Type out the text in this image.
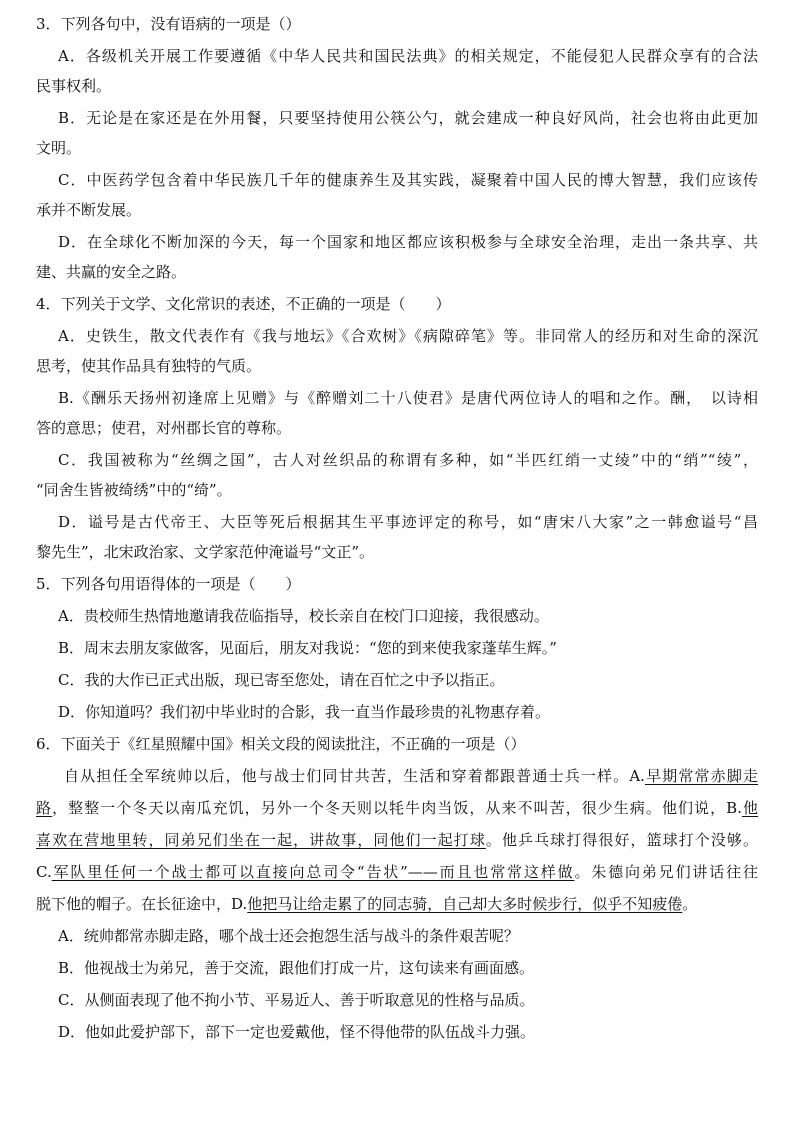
3．下列各句中，没有语病的一项是（）
A．各级机关开展工作要遵循《中华人民共和国民法典》的相关规定，不能侵犯人民群众享有的合法
民事权利。
B．无论是在家还是在外用餐，只要坚持使用公筷公勺，就会建成一种良好风尚，社会也将由此更加
文明。
C．中医药学包含着中华民族几千年的健康养生及其实践，凝聚着中国人民的博大智慧，我们应该传
承并不断发展。
D．在全球化不断加深的今天，每一个国家和地区都应该积极参与全球安全治理，走出一条共享、共
建、共赢的安全之路。
4．下列关于文学、文化常识的表述，不正确的一项是（　　）
A．史铁生，散文代表作有《我与地坛》《合欢树》《病隙碎笔》等。非同常人的经历和对生命的深沉
思考，使其作品具有独特的气质。
B.《酬乐天扬州初逢席上见赠》与《醉赠刘二十八使君》是唐代两位诗人的唱和之作。酬，　以诗相
答的意思；使君，对州郡长官的尊称。
C．我国被称为“丝绸之国”，古人对丝织品的称谓有多种，如“半匹红绡一丈绫”中的“绡”“绫”，
“同舍生皆被绮绣”中的“绮”。
D．谥号是古代帝王、大臣等死后根据其生平事迹评定的称号，如“唐宋八大家”之一韩愈谥号“昌
黎先生”，北宋政治家、文学家范仲淹谥号“文正”。
5．下列各句用语得体的一项是（　　）
A．贵校师生热情地邀请我莅临指导，校长亲自在校门口迎接，我很感动。
B．周末去朋友家做客，见面后，朋友对我说：“您的到来使我家蓬荜生辉。”
C．我的大作已正式出版，现已寄至您处，请在百忙之中予以指正。
D．你知道吗？我们初中毕业时的合影，我一直当作最珍贵的礼物惠存着。
6．下面关于《红星照耀中国》相关文段的阅读批注，不正确的一项是（）
自从担任全军统帅以后，他与战士们同甘共苦，生活和穿着都跟普通士兵一样。A.早期常常赤脚走
路，整整一个冬天以南瓜充饥，另外一个冬天则以牦牛肉当饭，从来不叫苦，很少生病。他们说，B.他
喜欢在营地里转，同弟兄们坐在一起，讲故事，同他们一起打球。他乒乓球打得很好，篮球打个没够。
C.军队里任何一个战士都可以直接向总司令“告状”——而且也常常这样做。朱德向弟兄们讲话往往
脱下他的帽子。在长征途中，D.他把马让给走累了的同志骑，自己却大多时候步行，似乎不知疲倦。
A．统帅都常赤脚走路，哪个战士还会抱怨生活与战斗的条件艰苦呢？
B．他视战士为弟兄，善于交流，跟他们打成一片，这句读来有画面感。
C．从侧面表现了他不拘小节、平易近人、善于听取意见的性格与品质。
D．他如此爱护部下，部下一定也爱戴他，怪不得他带的队伍战斗力强。
